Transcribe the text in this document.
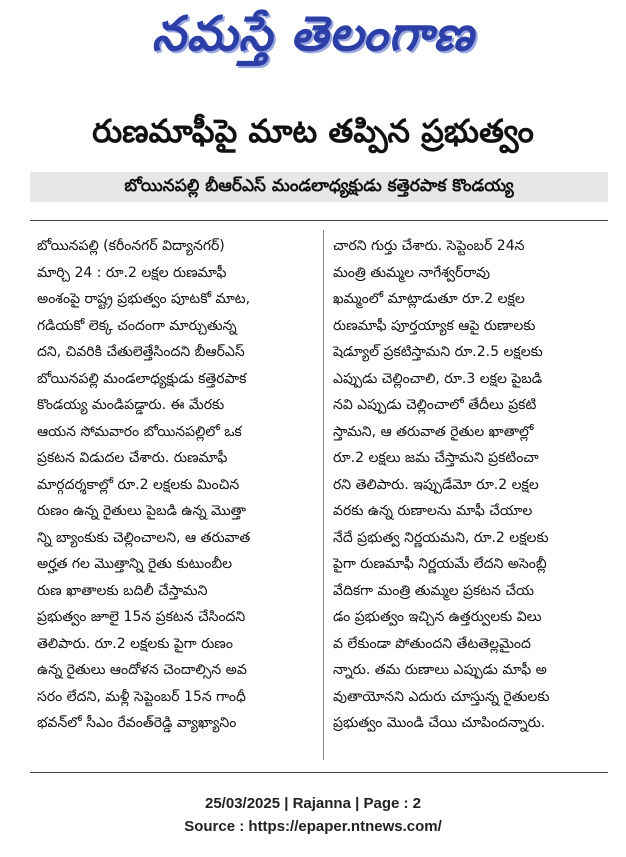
నమస్తే తెలంగాణ
రుణమాఫీపై మాట తప్పిన ప్రభుత్వం
బోయినపల్లి బీఆర్ఎస్ మండలాధ్యక్షుడు కత్తెరపాక కొండయ్య
బోయినపల్లి (కరీంనగర్ విద్యానగర్)
మార్చి 24 : రూ.2 లక్షల రుణమాఫీ
అంశంపై రాష్ట్ర ప్రభుత్వం పూటకో మాట,
గడియకో లెక్క చందంగా మార్చుతున్న
దని, చివరికి చేతులెత్తేసిందని బీఆర్ఎస్
బోయినపల్లి మండలాధ్యక్షుడు కత్తెరపాక
కొండయ్య మండిపడ్డారు. ఈ మేరకు
ఆయన సోమవారం బోయినపల్లిలో ఒక
ప్రకటన విడుదల చేశారు. రుణమాఫీ
మార్గదర్శకాల్లో రూ.2 లక్షలకు మించిన
రుణం ఉన్న రైతులు పైబడి ఉన్న మొత్తా
న్ని బ్యాంకుకు చెల్లించాలని, ఆ తరువాత
అర్హత గల మొత్తాన్ని రైతు కుటుంబీల
రుణ ఖాతాలకు బదిలీ చేస్తామని
ప్రభుత్వం జూలై 15న ప్రకటన చేసిందని
తెలిపారు. రూ.2 లక్షలకు పైగా రుణం
ఉన్న రైతులు ఆందోళన చెందాల్సిన అవ
సరం లేదని, మళ్లీ సెప్టెంబర్ 15న గాంధీ
భవన్‌లో సీఎం రేవంత్‌రెడ్డి వ్యాఖ్యానిం
చారని గుర్తు చేశారు. సెప్టెంబర్ 24న
మంత్రి తుమ్మల నాగేశ్వర్‌రావు
ఖమ్మంలో మాట్లాడుతూ రూ.2 లక్షల
రుణమాఫీ పూర్తయ్యాక ఆపై రుణాలకు
షెడ్యూల్ ప్రకటిస్తామని రూ.2.5 లక్షలకు
ఎప్పుడు చెల్లించాలి, రూ.3 లక్షల పైబడి
నవి ఎప్పుడు చెల్లించాలో తేదీలు ప్రకటి
స్తామని, ఆ తరువాత రైతుల ఖాతాల్లో
రూ.2 లక్షలు జమ చేస్తామని ప్రకటించా
రని తెలిపారు. ఇప్పుడేమో రూ.2 లక్షల
వరకు ఉన్న రుణాలను మాఫీ చేయాల
నేదే ప్రభుత్వ నిర్ణయమని, రూ.2 లక్షలకు
పైగా రుణమాఫీ నిర్ణయమే లేదని అసెంబ్లీ
వేదికగా మంత్రి తుమ్మల ప్రకటన చేయ
డం ప్రభుత్వం ఇచ్చిన ఉత్తర్వులకు విలు
వ లేకుండా పోతుందని తేటతెల్లమైంద
న్నారు. తమ రుణాలు ఎప్పుడు మాఫీ అ
వుతాయోనని ఎదురు చూస్తున్న రైతులకు
ప్రభుత్వం మొండి చేయి చూపిందన్నారు.
25/03/2025 | Rajanna | Page : 2
Source : https://epaper.ntnews.com/
